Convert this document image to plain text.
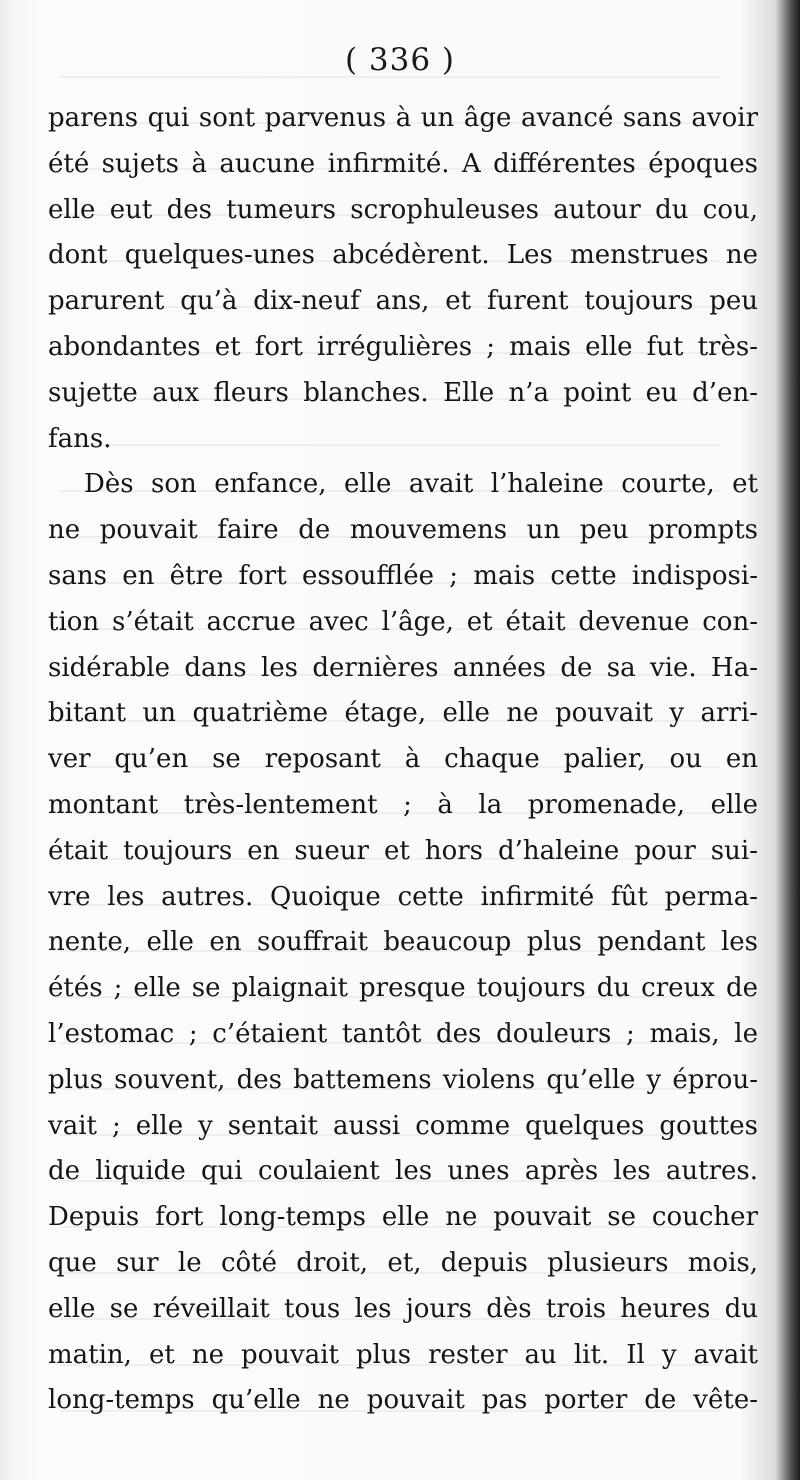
( 336 )
parens qui sont parvenus à un âge avancé sans avoir
été sujets à aucune infirmité. A différentes époques
elle eut des tumeurs scrophuleuses autour du cou,
dont quelques-unes abcédèrent. Les menstrues ne
parurent qu’à dix-neuf ans, et furent toujours peu
abondantes et fort irrégulières ; mais elle fut très-
sujette aux fleurs blanches. Elle n’a point eu d’en-
fans.
Dès son enfance, elle avait l’haleine courte, et
ne pouvait faire de mouvemens un peu prompts
sans en être fort essoufflée ; mais cette indisposi-
tion s’était accrue avec l’âge, et était devenue con-
sidérable dans les dernières années de sa vie. Ha-
bitant un quatrième étage, elle ne pouvait y arri-
ver qu’en se reposant à chaque palier, ou en
montant très-lentement ; à la promenade, elle
était toujours en sueur et hors d’haleine pour sui-
vre les autres. Quoique cette infirmité fût perma-
nente, elle en souffrait beaucoup plus pendant les
étés ; elle se plaignait presque toujours du creux de
l’estomac ; c’étaient tantôt des douleurs ; mais, le
plus souvent, des battemens violens qu’elle y éprou-
vait ; elle y sentait aussi comme quelques gouttes
de liquide qui coulaient les unes après les autres.
Depuis fort long-temps elle ne pouvait se coucher
que sur le côté droit, et, depuis plusieurs mois,
elle se réveillait tous les jours dès trois heures du
matin, et ne pouvait plus rester au lit. Il y avait
long-temps qu’elle ne pouvait pas porter de vête-
